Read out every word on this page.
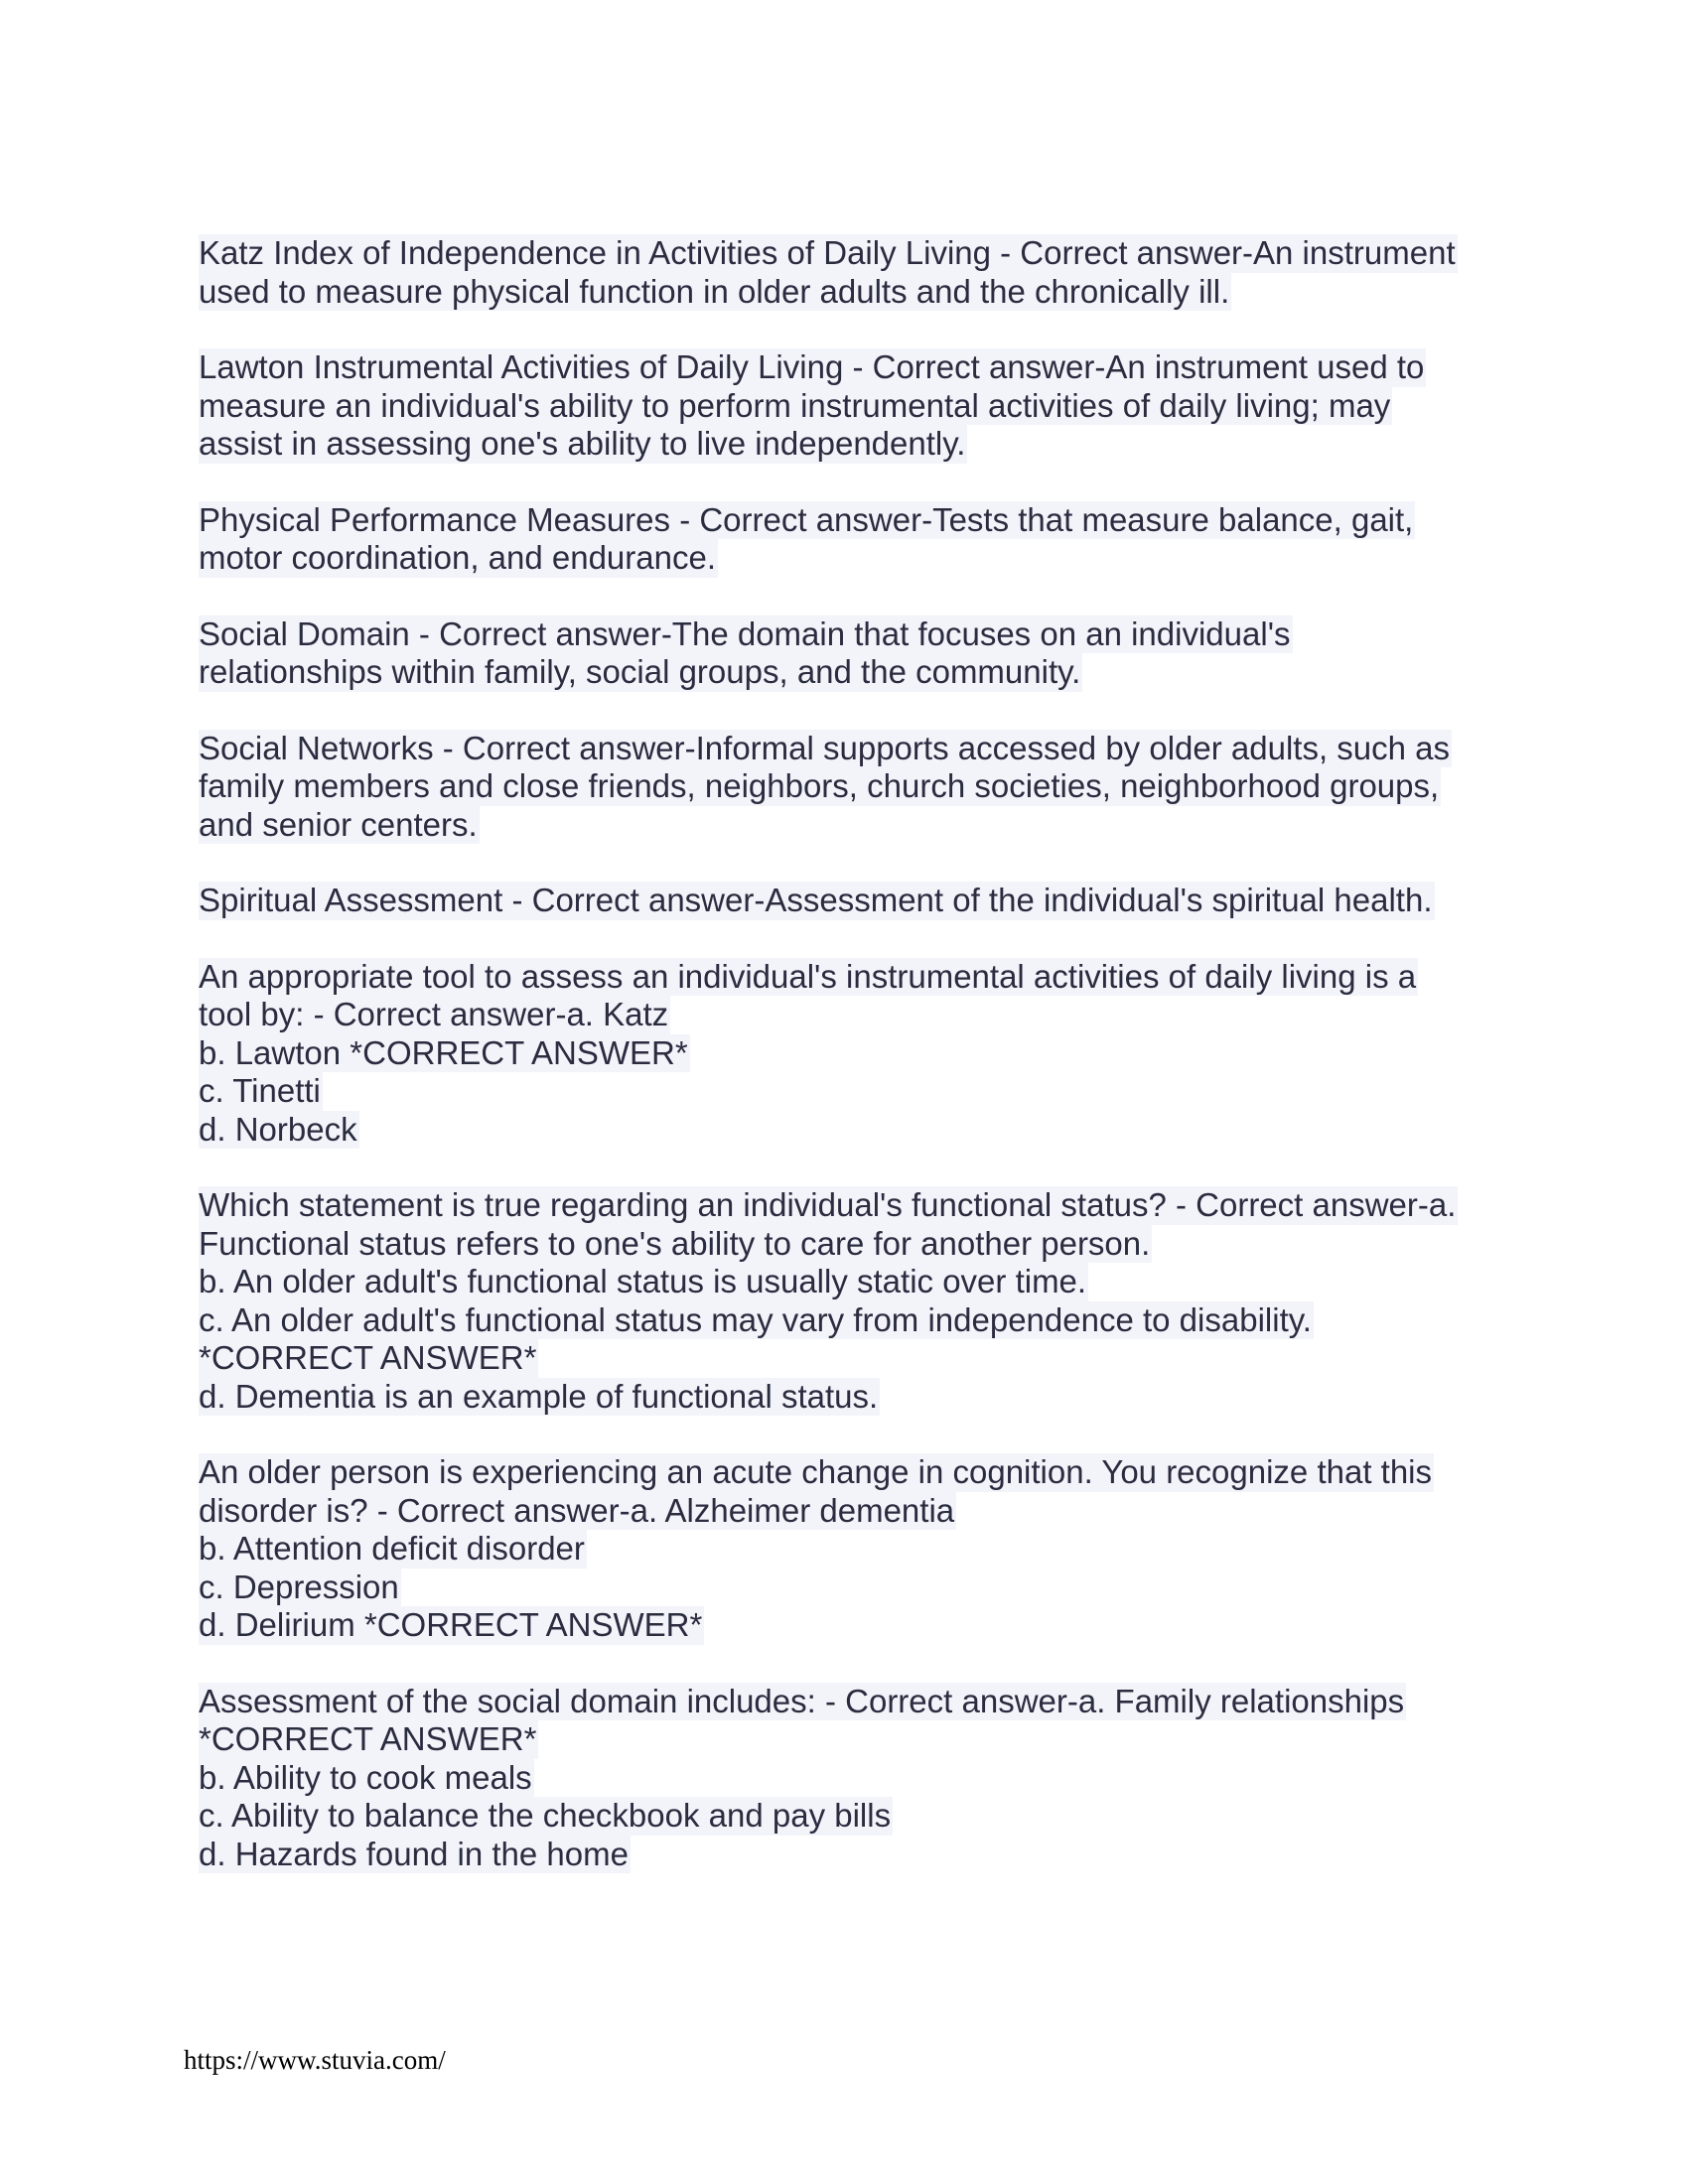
Katz Index of Independence in Activities of Daily Living - Correct answer-An instrument
used to measure physical function in older adults and the chronically ill.
Lawton Instrumental Activities of Daily Living - Correct answer-An instrument used to
measure an individual's ability to perform instrumental activities of daily living; may
assist in assessing one's ability to live independently.
Physical Performance Measures - Correct answer-Tests that measure balance, gait,
motor coordination, and endurance.
Social Domain - Correct answer-The domain that focuses on an individual's
relationships within family, social groups, and the community.
Social Networks - Correct answer-Informal supports accessed by older adults, such as
family members and close friends, neighbors, church societies, neighborhood groups,
and senior centers.
Spiritual Assessment - Correct answer-Assessment of the individual's spiritual health.
An appropriate tool to assess an individual's instrumental activities of daily living is a
tool by: - Correct answer-a. Katz
b. Lawton *CORRECT ANSWER*
c. Tinetti
d. Norbeck
Which statement is true regarding an individual's functional status? - Correct answer-a.
Functional status refers to one's ability to care for another person.
b. An older adult's functional status is usually static over time.
c. An older adult's functional status may vary from independence to disability.
*CORRECT ANSWER*
d. Dementia is an example of functional status.
An older person is experiencing an acute change in cognition. You recognize that this
disorder is? - Correct answer-a. Alzheimer dementia
b. Attention deficit disorder
c. Depression
d. Delirium *CORRECT ANSWER*
Assessment of the social domain includes: - Correct answer-a. Family relationships
*CORRECT ANSWER*
b. Ability to cook meals
c. Ability to balance the checkbook and pay bills
d. Hazards found in the home
https://www.stuvia.com/
